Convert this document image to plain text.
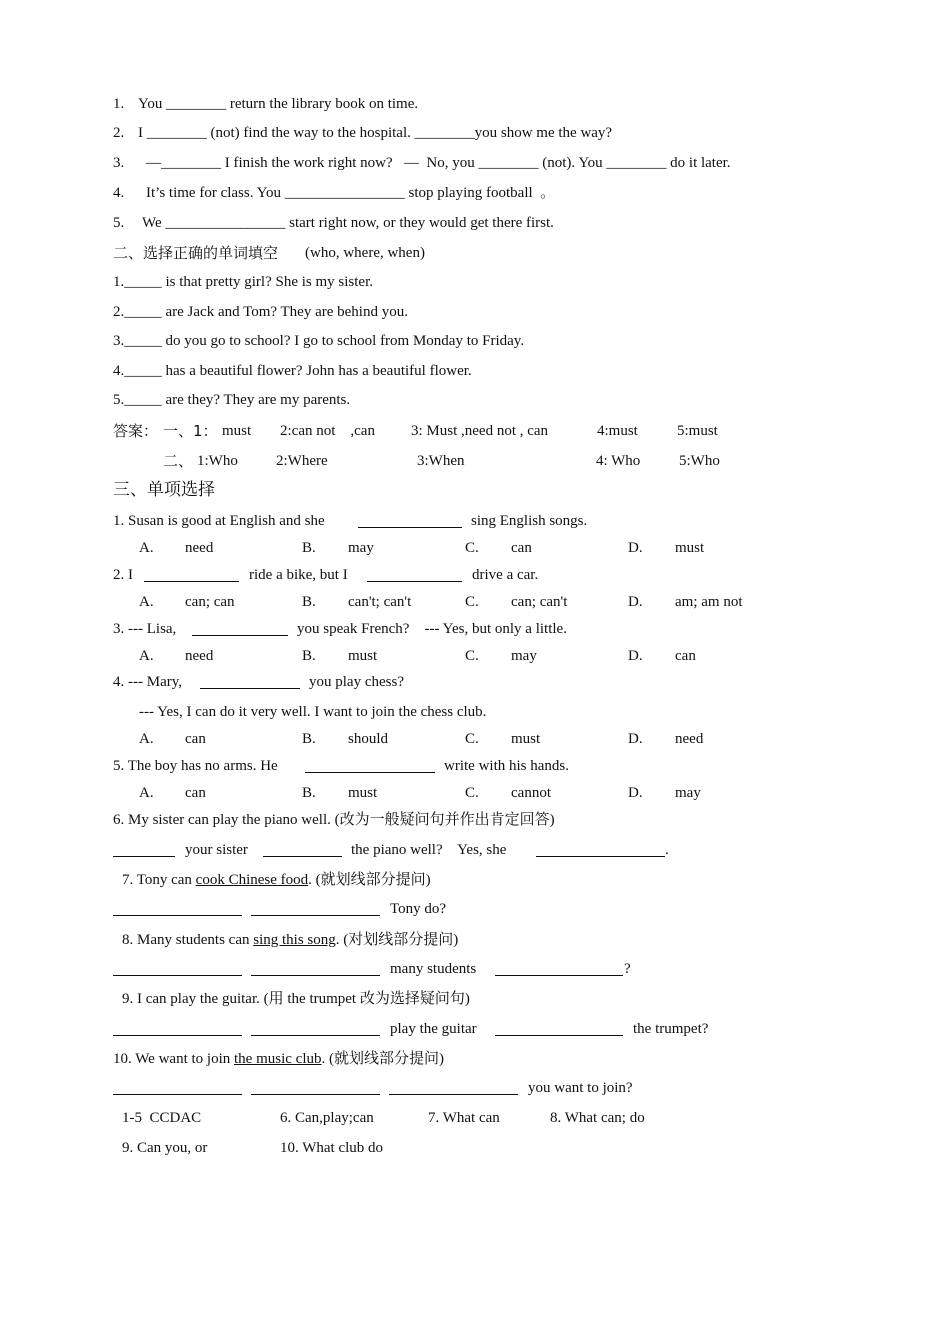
1.

You ________ return the library book on time.

2.

I ________ (not) find the way to the hospital. ________you show me the way?

3.

—________ I finish the work right now?   —  No, you ________ (not). You ________ do it later.

4.

It’s time for class. You ________________ stop playing football  。

5.

We ________________ start right now, or they would get there first.

二、选择正确的单词填空

(who, where, when)

1._____ is that pretty girl? She is my sister.
2._____ are Jack and Tom? They are behind you.
3._____ do you go to school? I go to school from Monday to Friday.
4._____ has a beautiful flower? John has a beautiful flower.
5._____ are they? They are my parents.

答案：

一、1：

must

2:can not    ,can

3: Must ,need not , can

	4:must

	5:must

二、

1:Who

	2:Where

	3:When

	4: Who

	5:Who

三、单项选择

1. Susan is good at English and she

	sing English songs.

A.

need

	B.

may

	C.

can

	D.

must

2. I

	ride a bike, but I

	drive a car.

A.

can; can

	B.

can't; can't

	C.

can; can't

	D.

am; am not

3. --- Lisa,

	you speak French?    --- Yes, but only a little.

A.

need

	B.

must

	C.

may

	D.

can

4. --- Mary,

	you play chess?

--- Yes, I can do it very well. I want to join the chess club.

A.

can

	B.

should

	C.

must

	D.

need

5. The boy has no arms. He

	write with his hands.

A.

can

	B.

must

	C.

cannot

	D.

may

6. My sister can play the piano well. (改为一般疑问句并作出肯定回答)

your sister

	the piano well?    Yes, she

	.

7. Tony can cook Chinese food. (就划线部分提问)

Tony do?

8. Many students can sing this song. (对划线部分提问)

many students

	?

9. I can play the guitar. (用 the trumpet 改为选择疑问句)

play the guitar

	the trumpet?

10. We want to join the music club. (就划线部分提问)

you want to join?

1-5  CCDAC

	6. Can,play;can

	7. What can

	8. What can; do

9. Can you, or

	10. What club do
